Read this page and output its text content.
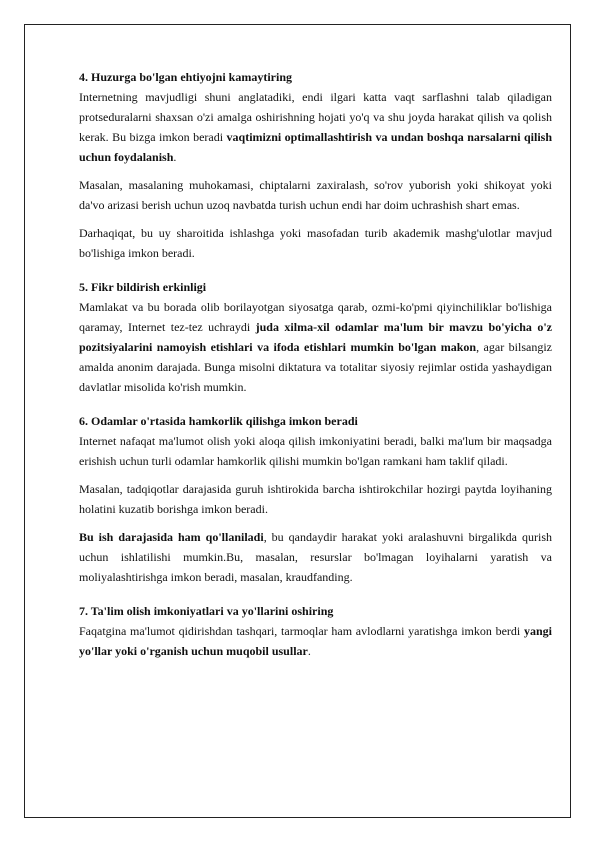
4. Huzurga bo'lgan ehtiyojni kamaytiring

Internetning mavjudligi shuni anglatadiki, endi ilgari katta vaqt sarflashni talab qiladigan protseduralarni shaxsan o'zi amalga oshirishning hojati yo'q va shu joyda harakat qilish va qolish kerak. Bu bizga imkon beradi vaqtimizni optimallashtirish va undan boshqa narsalarni qilish uchun foydalanish.

Masalan, masalaning muhokamasi, chiptalarni zaxiralash, so'rov yuborish yoki shikoyat yoki da'vo arizasi berish uchun uzoq navbatda turish uchun endi har doim uchrashish shart emas.

Darhaqiqat, bu uy sharoitida ishlashga yoki masofadan turib akademik mashg'ulotlar mavjud bo'lishiga imkon beradi.

5. Fikr bildirish erkinligi

Mamlakat va bu borada olib borilayotgan siyosatga qarab, ozmi-ko'pmi qiyinchiliklar bo'lishiga qaramay, Internet tez-tez uchraydi juda xilma-xil odamlar ma'lum bir mavzu bo'yicha o'z pozitsiyalarini namoyish etishlari va ifoda etishlari mumkin bo'lgan makon, agar bilsangiz amalda anonim darajada. Bunga misolni diktatura va totalitar siyosiy rejimlar ostida yashaydigan davlatlar misolida ko'rish mumkin.

6. Odamlar o'rtasida hamkorlik qilishga imkon beradi

Internet nafaqat ma'lumot olish yoki aloqa qilish imkoniyatini beradi, balki ma'lum bir maqsadga erishish uchun turli odamlar hamkorlik qilishi mumkin bo'lgan ramkani ham taklif qiladi.

Masalan, tadqiqotlar darajasida guruh ishtirokida barcha ishtirokchilar hozirgi paytda loyihaning holatini kuzatib borishga imkon beradi.

Bu ish darajasida ham qo'llaniladi, bu qandaydir harakat yoki aralashuvni birgalikda qurish uchun ishlatilishi mumkin.Bu, masalan, resurslar bo'lmagan loyihalarni yaratish va moliyalashtirishga imkon beradi, masalan, kraudfanding.

7. Ta'lim olish imkoniyatlari va yo'llarini oshiring

Faqatgina ma'lumot qidirishdan tashqari, tarmoqlar ham avlodlarni yaratishga imkon berdi yangi yo'llar yoki o'rganish uchun muqobil usullar.
